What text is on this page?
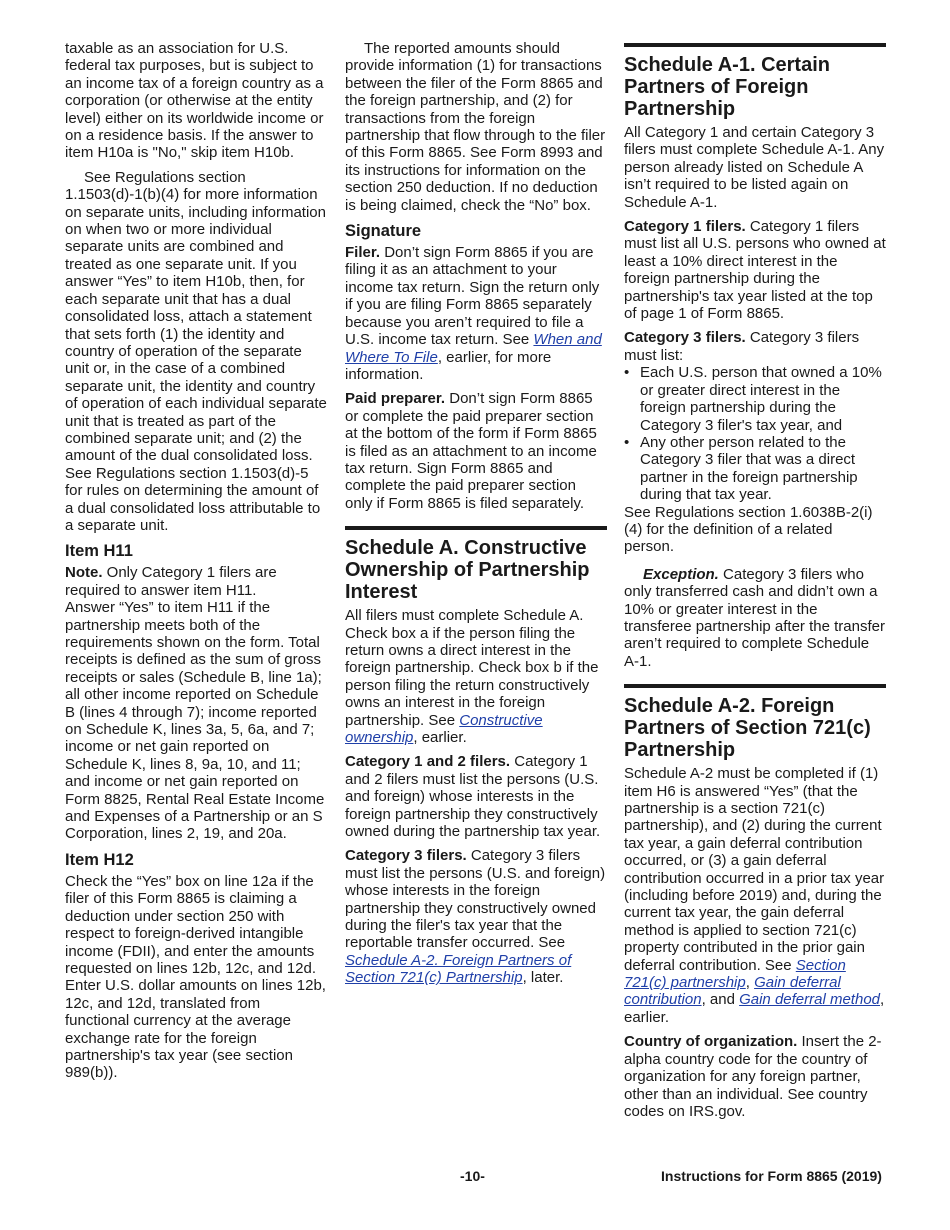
taxable as an association for U.S. federal tax purposes, but is subject to an income tax of a foreign country as a corporation (or otherwise at the entity level) either on its worldwide income or on a residence basis. If the answer to item H10a is "No," skip item H10b.

See Regulations section 1.1503(d)-1(b)(4) for more information on separate units, including information on when two or more individual separate units are combined and treated as one separate unit. If you answer “Yes” to item H10b, then, for each separate unit that has a dual consolidated loss, attach a statement that sets forth (1) the identity and country of operation of the separate unit or, in the case of a combined separate unit, the identity and country of operation of each individual separate unit that is treated as part of the combined separate unit; and (2) the amount of the dual consolidated loss. See Regulations section 1.1503(d)-5 for rules on determining the amount of a dual consolidated loss attributable to a separate unit.

Item H11

Note. Only Category 1 filers are required to answer item H11.

Answer “Yes” to item H11 if the partnership meets both of the requirements shown on the form. Total receipts is defined as the sum of gross receipts or sales (Schedule B, line 1a); all other income reported on Schedule B (lines 4 through 7); income reported on Schedule K, lines 3a, 5, 6a, and 7; income or net gain reported on Schedule K, lines 8, 9a, 10, and 11; and income or net gain reported on Form 8825, Rental Real Estate Income and Expenses of a Partnership or an S Corporation, lines 2, 19, and 20a.

Item H12

Check the “Yes” box on line 12a if the filer of this Form 8865 is claiming a deduction under section 250 with respect to foreign-derived intangible income (FDII), and enter the amounts requested on lines 12b, 12c, and 12d. Enter U.S. dollar amounts on lines 12b, 12c, and 12d, translated from functional currency at the average exchange rate for the foreign partnership's tax year (see section 989(b)).

The reported amounts should provide information (1) for transactions between the filer of the Form 8865 and the foreign partnership, and (2) for transactions from the foreign partnership that flow through to the filer of this Form 8865. See Form 8993 and its instructions for information on the section 250 deduction. If no deduction is being claimed, check the “No” box.

Signature

Filer. Don’t sign Form 8865 if you are filing it as an attachment to your income tax return. Sign the return only if you are filing Form 8865 separately because you aren’t required to file a U.S. income tax return. See When and Where To File, earlier, for more information.

Paid preparer. Don’t sign Form 8865 or complete the paid preparer section at the bottom of the form if Form 8865 is filed as an attachment to an income tax return. Sign Form 8865 and complete the paid preparer section only if Form 8865 is filed separately.

Schedule A. Constructive Ownership of Partnership Interest

All filers must complete Schedule A. Check box a if the person filing the return owns a direct interest in the foreign partnership. Check box b if the person filing the return constructively owns an interest in the foreign partnership. See Constructive ownership, earlier.

Category 1 and 2 filers. Category 1 and 2 filers must list the persons (U.S. and foreign) whose interests in the foreign partnership they constructively owned during the partnership tax year.

Category 3 filers. Category 3 filers must list the persons (U.S. and foreign) whose interests in the foreign partnership they constructively owned during the filer's tax year that the reportable transfer occurred. See Schedule A-2. Foreign Partners of Section 721(c) Partnership, later.

Schedule A-1. Certain Partners of Foreign Partnership

All Category 1 and certain Category 3 filers must complete Schedule A-1. Any person already listed on Schedule A isn’t required to be listed again on Schedule A-1.

Category 1 filers. Category 1 filers must list all U.S. persons who owned at least a 10% direct interest in the foreign partnership during the partnership's tax year listed at the top of page 1 of Form 8865.

Category 3 filers. Category 3 filers must list:

• Each U.S. person that owned a 10% or greater direct interest in the foreign partnership during the Category 3 filer's tax year, and
• Any other person related to the Category 3 filer that was a direct partner in the foreign partnership during that tax year.

See Regulations section 1.6038B-2(i)(4) for the definition of a related person.

Exception. Category 3 filers who only transferred cash and didn’t own a 10% or greater interest in the transferee partnership after the transfer aren’t required to complete Schedule A-1.

Schedule A-2. Foreign Partners of Section 721(c) Partnership

Schedule A-2 must be completed if (1) item H6 is answered “Yes” (that the partnership is a section 721(c) partnership), and (2) during the current tax year, a gain deferral contribution occurred, or (3) a gain deferral contribution occurred in a prior tax year (including before 2019) and, during the current tax year, the gain deferral method is applied to section 721(c) property contributed in the prior gain deferral contribution. See Section 721(c) partnership, Gain deferral contribution, and Gain deferral method, earlier.

Country of organization. Insert the 2-alpha country code for the country of organization for any foreign partner, other than an individual. See country codes on IRS.gov.

-10-	Instructions for Form 8865 (2019)
